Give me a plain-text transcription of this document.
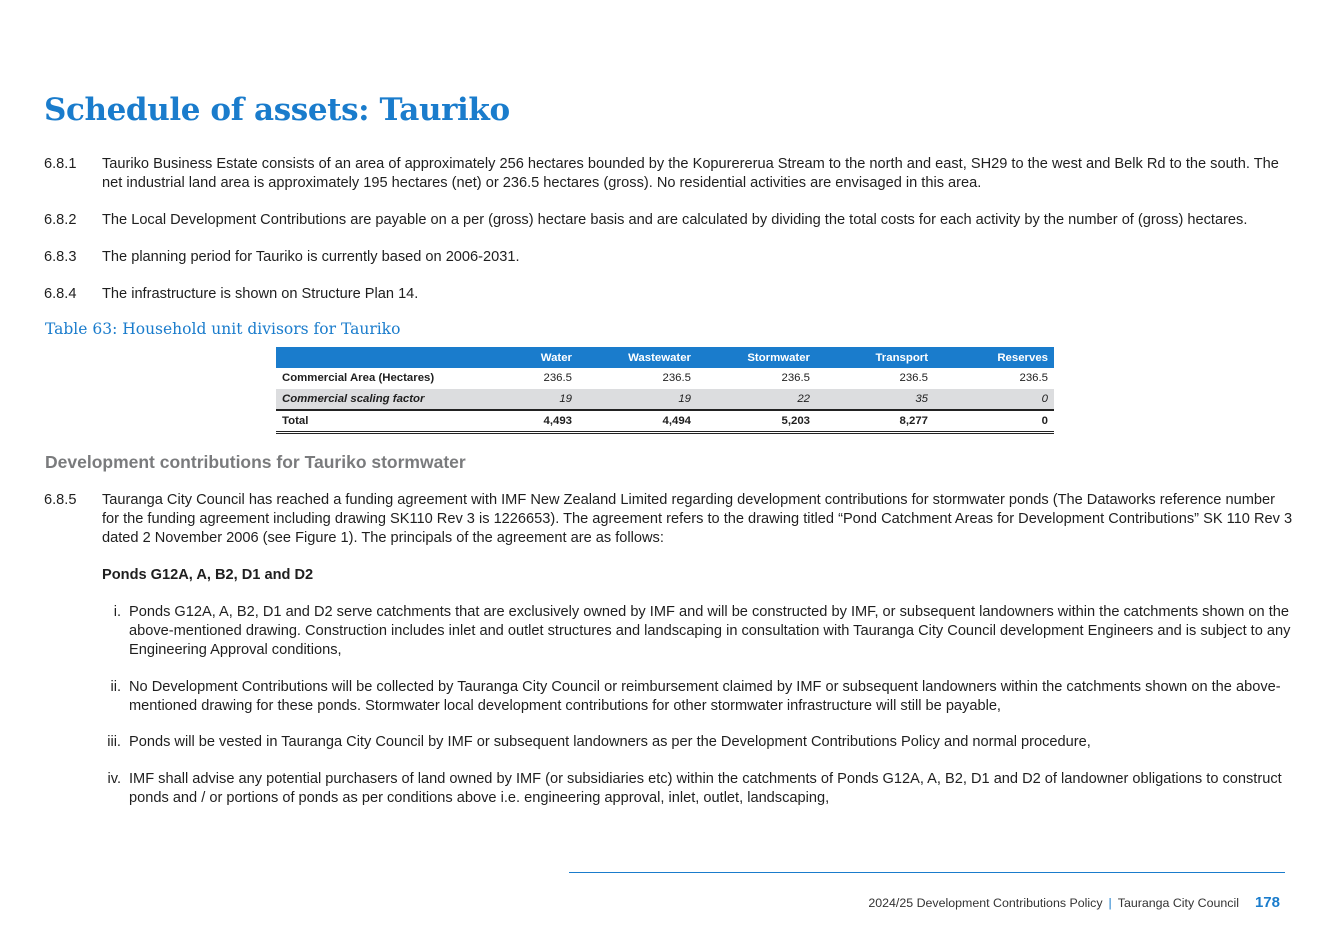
Schedule of assets: Tauriko
6.8.1 Tauriko Business Estate consists of an area of approximately 256 hectares bounded by the Kopurererua Stream to the north and east, SH29 to the west and Belk Rd to the south. The net industrial land area is approximately 195 hectares (net) or 236.5 hectares (gross). No residential activities are envisaged in this area.
6.8.2 The Local Development Contributions are payable on a per (gross) hectare basis and are calculated by dividing the total costs for each activity by the number of (gross) hectares.
6.8.3 The planning period for Tauriko is currently based on 2006-2031.
6.8.4 The infrastructure is shown on Structure Plan 14.
Table 63: Household unit divisors for Tauriko
	Water	Wastewater	Stormwater	Transport	Reserves
Commercial Area (Hectares)	236.5	236.5	236.5	236.5	236.5
Commercial scaling factor	19	19	22	35	0
Total	4,493	4,494	5,203	8,277	0
Development contributions for Tauriko stormwater
6.8.5 Tauranga City Council has reached a funding agreement with IMF New Zealand Limited regarding development contributions for stormwater ponds (The Dataworks reference number for the funding agreement including drawing SK110 Rev 3 is 1226653). The agreement refers to the drawing titled “Pond Catchment Areas for Development Contributions” SK 110 Rev 3 dated 2 November 2006 (see Figure 1). The principals of the agreement are as follows:
Ponds G12A, A, B2, D1 and D2
i. Ponds G12A, A, B2, D1 and D2 serve catchments that are exclusively owned by IMF and will be constructed by IMF, or subsequent landowners within the catchments shown on the above-mentioned drawing. Construction includes inlet and outlet structures and landscaping in consultation with Tauranga City Council development Engineers and is subject to any Engineering Approval conditions,
ii. No Development Contributions will be collected by Tauranga City Council or reimbursement claimed by IMF or subsequent landowners within the catchments shown on the above-mentioned drawing for these ponds. Stormwater local development contributions for other stormwater infrastructure will still be payable,
iii. Ponds will be vested in Tauranga City Council by IMF or subsequent landowners as per the Development Contributions Policy and normal procedure,
iv. IMF shall advise any potential purchasers of land owned by IMF (or subsidiaries etc) within the catchments of Ponds G12A, A, B2, D1 and D2 of landowner obligations to construct ponds and / or portions of ponds as per conditions above i.e. engineering approval, inlet, outlet, landscaping,
2024/25 Development Contributions Policy | Tauranga City Council 178
